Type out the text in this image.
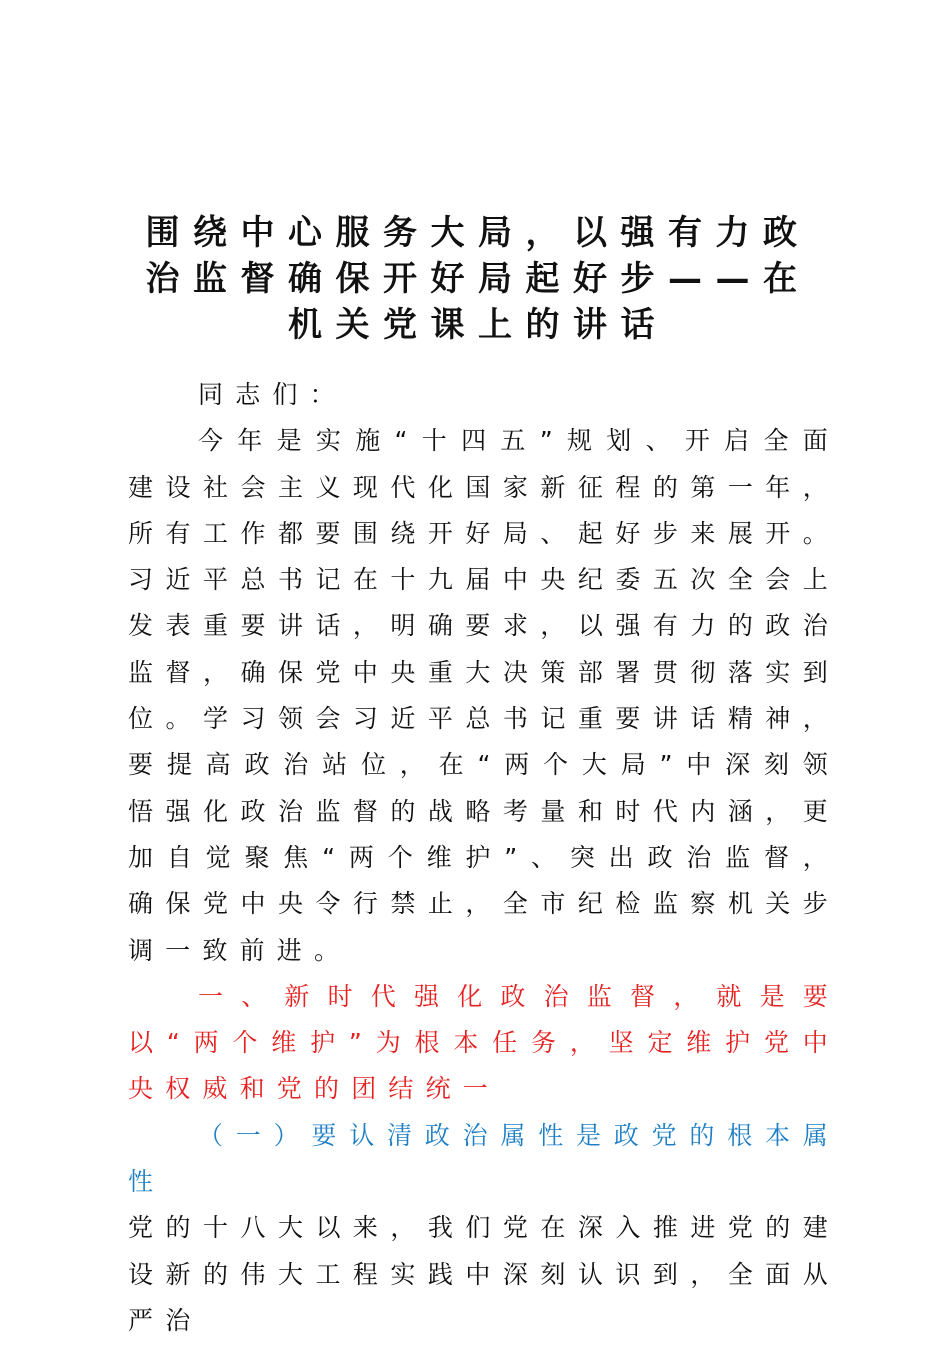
围绕中心服务大局，以强有力政治监督确保开好局起好步——在机关党课上的讲话

同志们：

今年是实施“十四五”规划、开启全面建设社会主义现代化国家新征程的第一年，所有工作都要围绕开好局、起好步来展开。习近平总书记在十九届中央纪委五次全会上发表重要讲话，明确要求，以强有力的政治监督，确保党中央重大决策部署贯彻落实到位。学习领会习近平总书记重要讲话精神，要提高政治站位，在“两个大局”中深刻领悟强化政治监督的战略考量和时代内涵，更加自觉聚焦“两个维护”、突出政治监督，确保党中央令行禁止，全市纪检监察机关步调一致前进。

一、新时代强化政治监督，就是要以“两个维护”为根本任务，坚定维护党中央权威和党的团结统一

（一）要认清政治属性是政党的根本属性

党的十八大以来，我们党在深入推进党的建设新的伟大工程实践中深刻认识到，全面从严治
